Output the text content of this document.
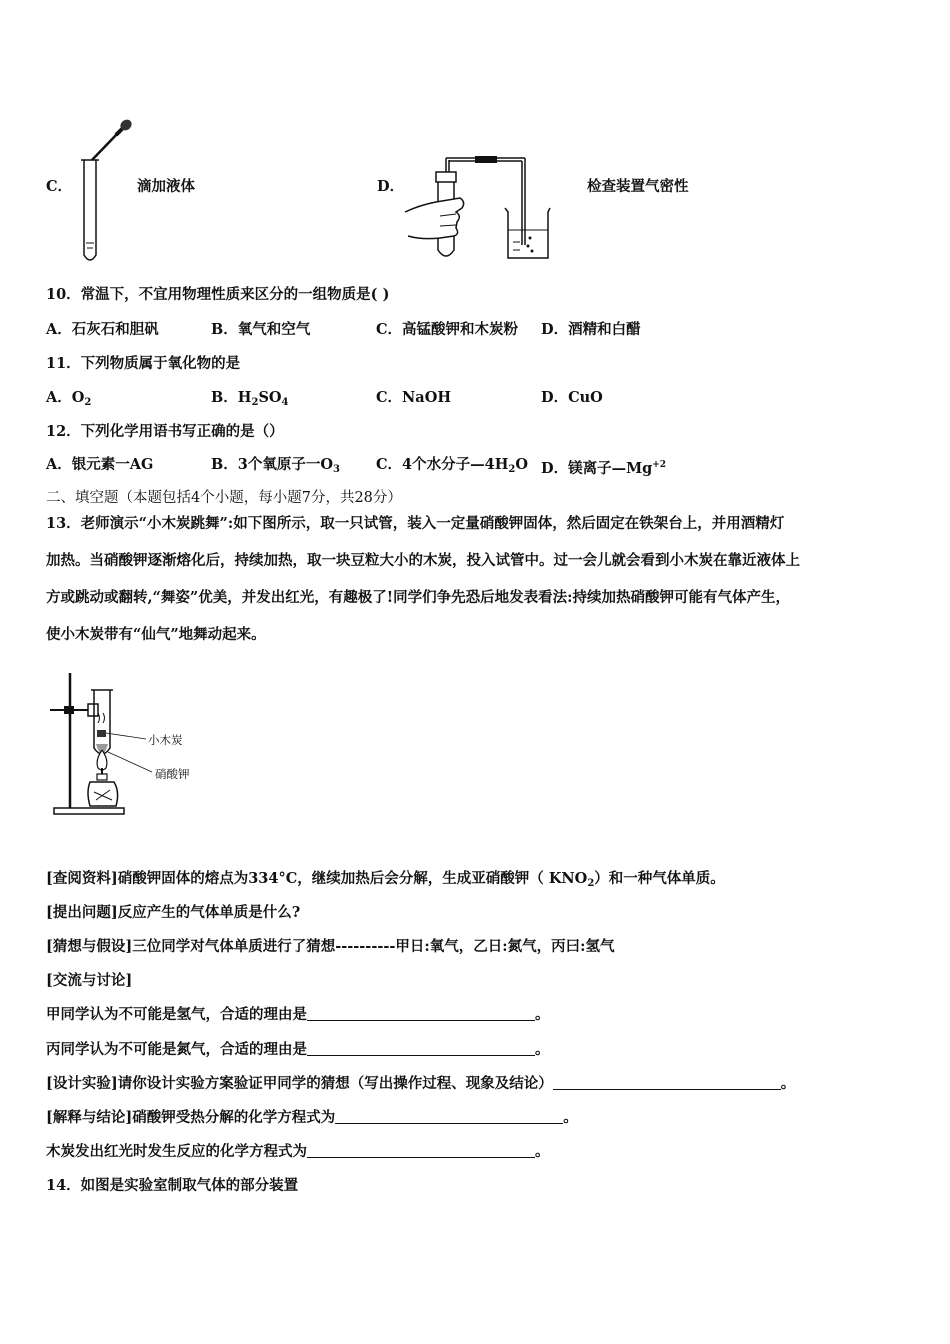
C．	滴加液体	D．	检查装置气密性
10．常温下，不宜用物理性质来区分的一组物质是( )
A．石灰石和胆矾	B．氧气和空气	C．高锰酸钾和木炭粉 D．酒精和白醋
11．下列物质属于氧化物的是
A．$O_2$	B．$H_2SO_4$	C．NaOH	D．CuO
12．下列化学用语书写正确的是（）
A．银元素一AG	B．3个氧原子一$O_3$ C．4个水分子$—4H_2O$ D．镁离子$—Mg^{+2}$
二、填空题（本题包括4个小题，每小题7分，共28分）
13．老师演示“小木炭跳舞”:如下图所示，取一只试管，装入一定量硝酸钾固体，然后固定在铁架台上，并用酒精灯
加热。当硝酸钾逐渐熔化后，持续加热，取一块豆粒大小的木炭，投入试管中。过一会儿就会看到小木炭在靠近液体上
方或跳动或翻转,“舞姿”优美，并发出红光，有趣极了!同学们争先恐后地发表看法:持续加热硝酸钾可能有气体产生，
使小木炭带有“仙气”地舞动起来。
小木炭
硝酸钾
[查阅资料]硝酸钾固体的熔点为334°C，继续加热后会分解，生成亚硝酸钾（ $KNO_2$）和一种气体单质。
[提出问题]反应产生的气体单质是什么?
[猜想与假设]三位同学对气体单质进行了猜想----------甲日:氧气，乙日:氮气，丙曰:氢气
[交流与讨论]
甲同学认为不可能是氢气，合适的理由是	。
丙同学认为不可能是氮气，合适的理由是	。
[设计实验]请你设计实验方案验证甲同学的猜想（写出操作过程、现象及结论）	。
[解释与结论]硝酸钾受热分解的化学方程式为	。
木炭发出红光时发生反应的化学方程式为	。
14．如图是实验室制取气体的部分装置
